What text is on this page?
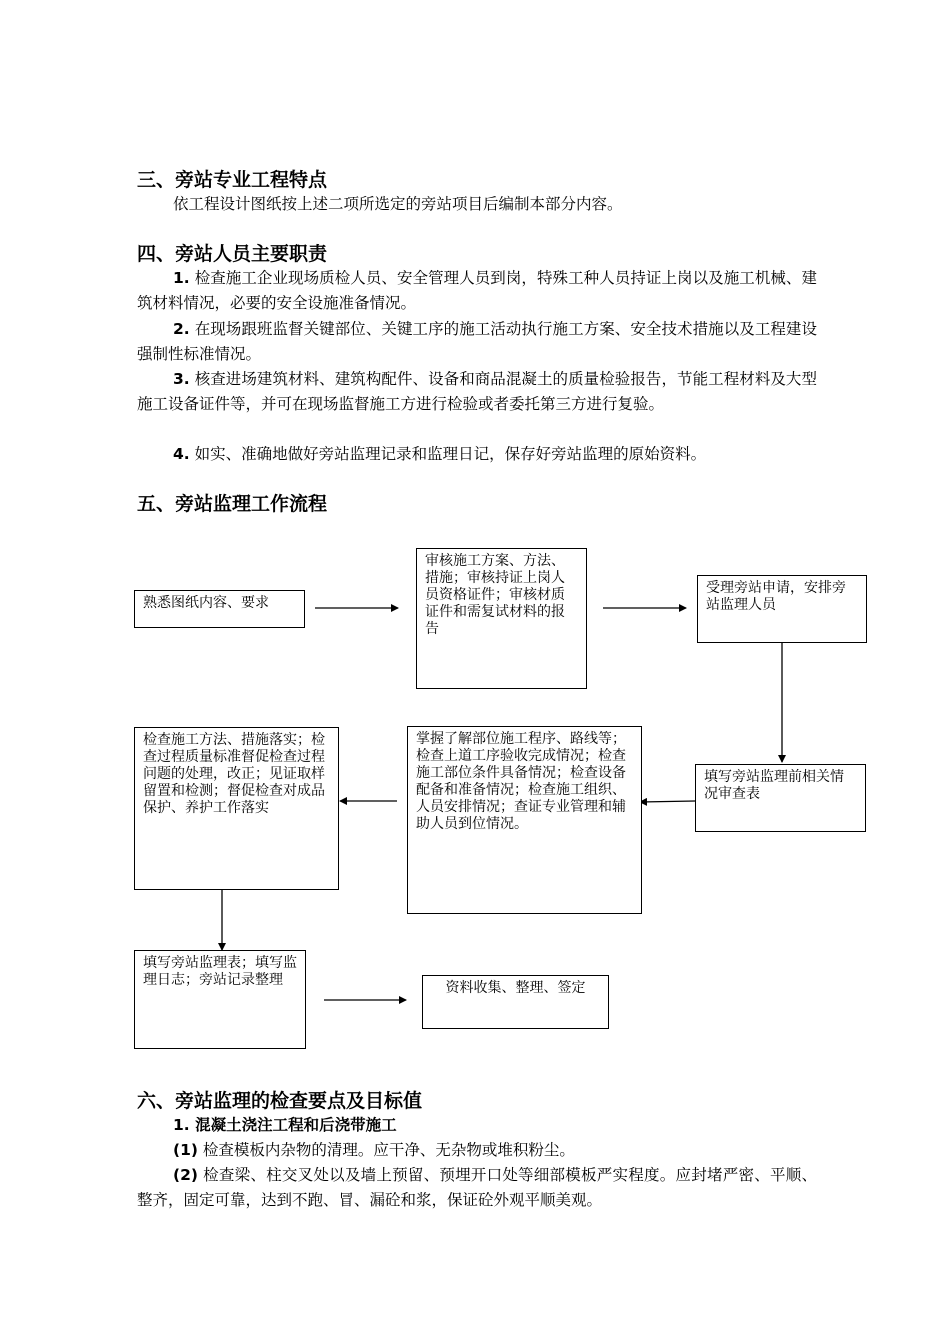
三、旁站专业工程特点
依工程设计图纸按上述二项所选定的旁站项目后编制本部分内容。
四、旁站人员主要职责
1. 检查施工企业现场质检人员、安全管理人员到岗，特殊工种人员持证上岗以及施工机械、建筑材料情况，必要的安全设施准备情况。
2. 在现场跟班监督关键部位、关键工序的施工活动执行施工方案、安全技术措施以及工程建设强制性标准情况。
3. 核查进场建筑材料、建筑构配件、设备和商品混凝土的质量检验报告，节能工程材料及大型施工设备证件等，并可在现场监督施工方进行检验或者委托第三方进行复验。
4. 如实、准确地做好旁站监理记录和监理日记，保存好旁站监理的原始资料。
五、旁站监理工作流程
熟悉图纸内容、要求
审核施工方案、方法、措施；审核持证上岗人员资格证件；审核材质证件和需复试材料的报告
受理旁站申请，安排旁站监理人员
填写旁站监理前相关情况审查表
掌握了解部位施工程序、路线等；检查上道工序验收完成情况；检查施工部位条件具备情况；检查设备配备和准备情况；检查施工组织、人员安排情况；查证专业管理和辅助人员到位情况。
检查施工方法、措施落实；检查过程质量标准督促检查过程问题的处理，改正；见证取样留置和检测；督促检查对成品保护、养护工作落实
填写旁站监理表；填写监理日志；旁站记录整理	资料收集、整理、签定
六、旁站监理的检查要点及目标值
1. 混凝土浇注工程和后浇带施工
(1) 检查模板内杂物的清理。应干净、无杂物或堆积粉尘。
(2) 检查梁、柱交叉处以及墙上预留、预埋开口处等细部模板严实程度。应封堵严密、平顺、整齐，固定可靠，达到不跑、冒、漏砼和浆，保证砼外观平顺美观。
